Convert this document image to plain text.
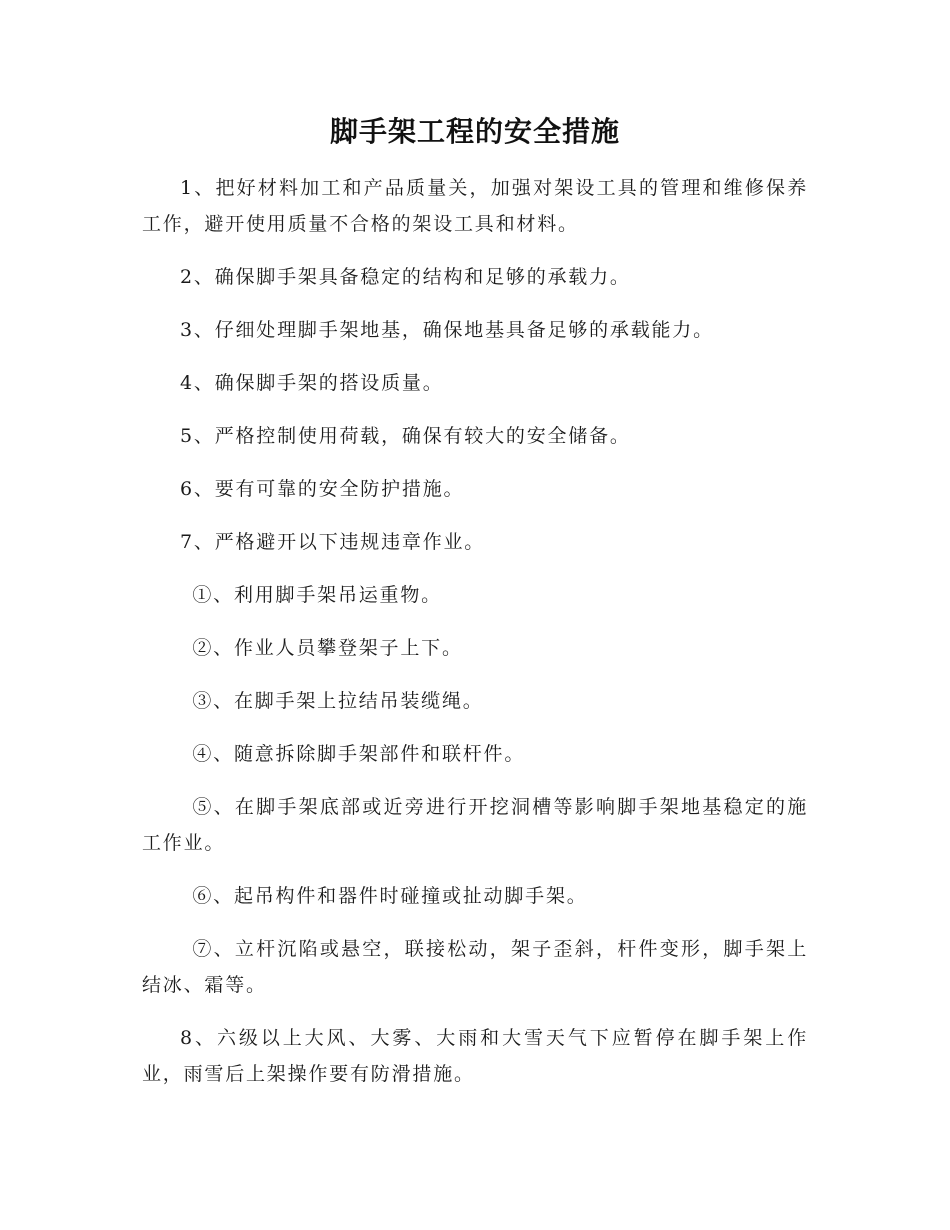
脚手架工程的安全措施

1、把好材料加工和产品质量关，加强对架设工具的管理和维修保养工作，避开使用质量不合格的架设工具和材料。

2、确保脚手架具备稳定的结构和足够的承载力。

3、仔细处理脚手架地基，确保地基具备足够的承载能力。

4、确保脚手架的搭设质量。

5、严格控制使用荷载，确保有较大的安全储备。

6、要有可靠的安全防护措施。

7、严格避开以下违规违章作业。

①、利用脚手架吊运重物。

②、作业人员攀登架子上下。

③、在脚手架上拉结吊装缆绳。

④、随意拆除脚手架部件和联杆件。

⑤、在脚手架底部或近旁进行开挖洞槽等影响脚手架地基稳定的施工作业。

⑥、起吊构件和器件时碰撞或扯动脚手架。

⑦、立杆沉陷或悬空，联接松动，架子歪斜，杆件变形，脚手架上结冰、霜等。

8、六级以上大风、大雾、大雨和大雪天气下应暂停在脚手架上作业，雨雪后上架操作要有防滑措施。
